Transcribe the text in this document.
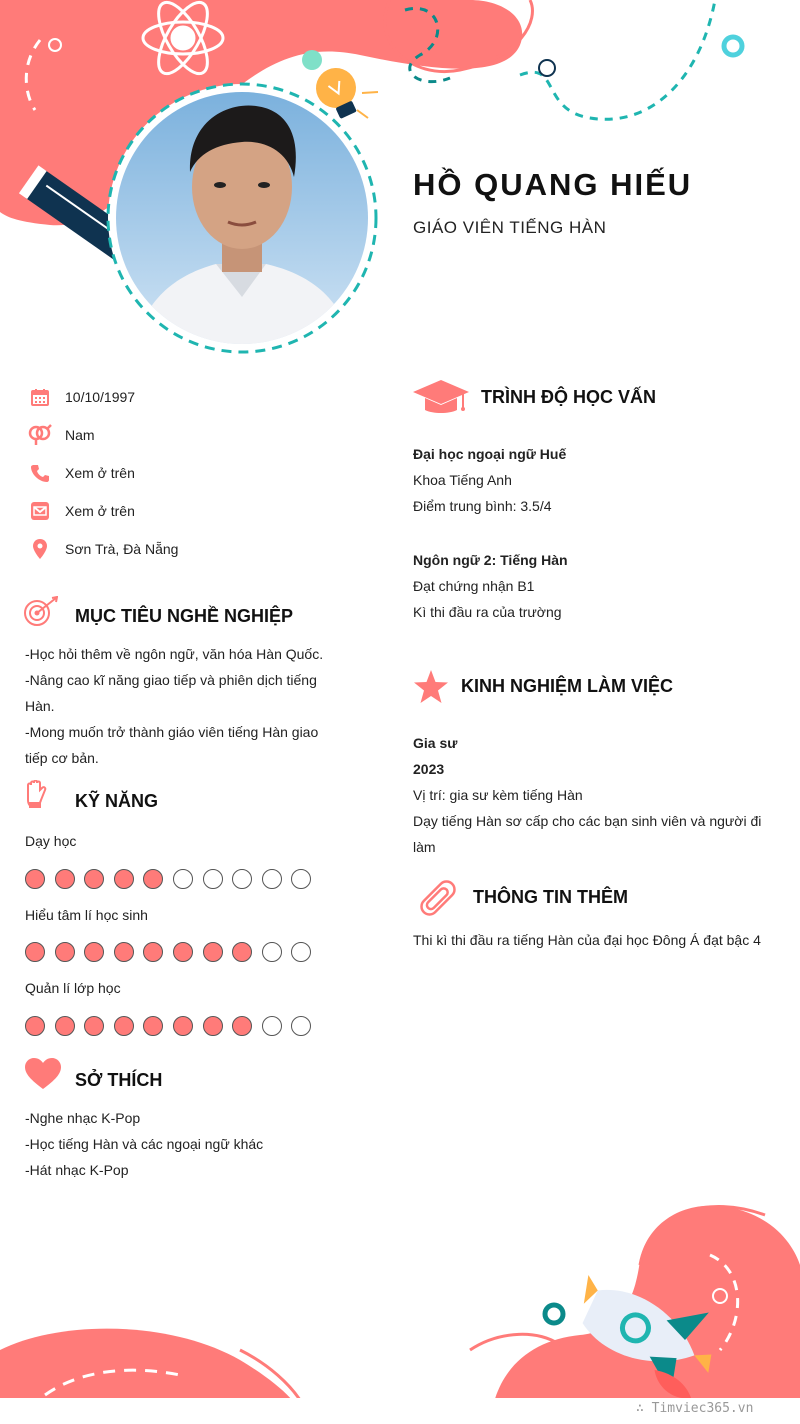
HỒ QUANG HIẾU
GIÁO VIÊN TIẾNG HÀN
10/10/1997
Nam
Xem ở trên
Xem ở trên
Sơn Trà, Đà Nẵng
MỤC TIÊU NGHỀ NGHIỆP
-Học hỏi thêm về ngôn ngữ, văn hóa Hàn Quốc.
-Nâng cao kĩ năng giao tiếp và phiên dịch tiếng
Hàn.
-Mong muốn trở thành giáo viên tiếng Hàn giao
tiếp cơ bản.
KỸ NĂNG
Dạy học
Hiểu tâm lí học sinh
Quản lí lớp học
SỞ THÍCH
-Nghe nhạc K-Pop
-Học tiếng Hàn và các ngoại ngữ khác
-Hát nhạc K-Pop
TRÌNH ĐỘ HỌC VẤN
Đại học ngoại ngữ Huế
Khoa Tiếng Anh
Điểm trung bình: 3.5/4
Ngôn ngữ 2: Tiếng Hàn
Đạt chứng nhận B1
Kì thi đầu ra của trường
KINH NGHIỆM LÀM VIỆC
Gia sư
2023
Vị trí: gia sư kèm tiếng Hàn
Dạy tiếng Hàn sơ cấp cho các bạn sinh viên và người đi
làm
THÔNG TIN THÊM
Thi kì thi đầu ra tiếng Hàn của đại học Đông Á đạt bậc 4
∴ Timviec365.vn
